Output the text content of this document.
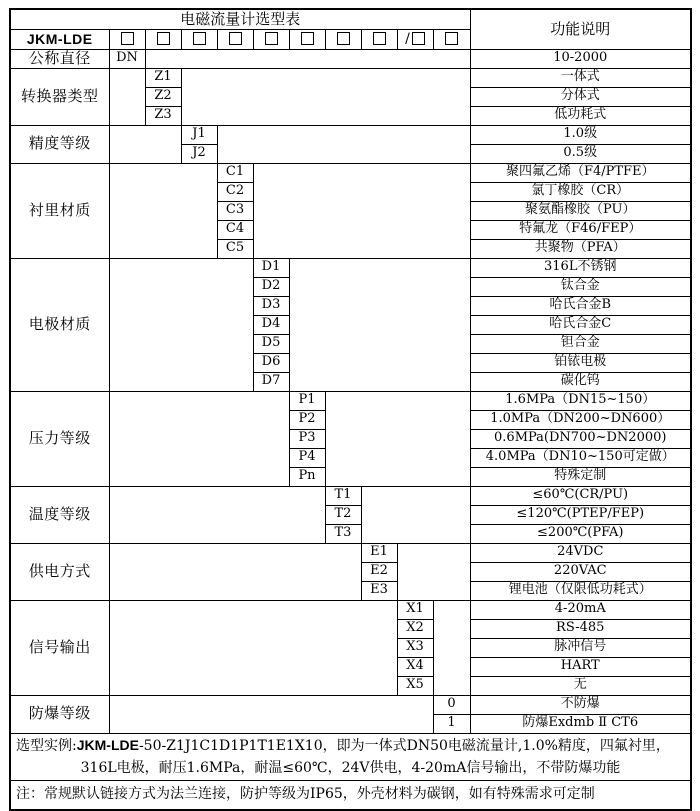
电磁流量计选型表											功能说明
JKM-LDE									/		
公称直径	DN										10-2000
转换器类型		Z1									一体式
		Z2									分体式
		Z3									低功耗式
精度等级			J1								1.0级
			J2								0.5级
衬里材质				C1							聚四氟乙烯（F4/PTFE）
				C2							氯丁橡胶（CR）
				C3							聚氨酯橡胶（PU）
				C4							特氟龙（F46/FEP）
				C5							共聚物（PFA）
电极材质					D1						316L不锈钢
					D2						钛合金
					D3						哈氏合金B
					D4						哈氏合金C
					D5						钽合金
					D6						铂铱电极
					D7						碳化钨
压力等级						P1					1.6MPa（DN15~150）
						P2					1.0MPa（DN200~DN600）
						P3					0.6MPa(DN700~DN2000)
						P4					4.0MPa（DN10~150可定做）
						Pn					特殊定制
温度等级							T1				≤60℃(CR/PU)
							T2				≤120℃(PTEP/FEP)
							T3				≤200℃(PFA)
供电方式								E1			24VDC
								E2			220VAC
								E3			锂电池（仅限低功耗式）
信号输出									X1		4-20mA
									X2		RS-485
									X3		脉冲信号
									X4		HART
									X5		无
防爆等级										0	不防爆
										1	防爆Exdmb Ⅱ CT6

选型实例:JKM-LDE-50-Z1J1C1D1P1T1E1X10，即为一体式DN50电磁流量计,1.0%精度，四氟衬里，
316L电极，耐压1.6MPa，耐温≤60℃，24V供电，4-20mA信号输出，不带防爆功能											

注：常规默认链接方式为法兰连接，防护等级为IP65，外壳材料为碳钢，如有特殊需求可定制											
